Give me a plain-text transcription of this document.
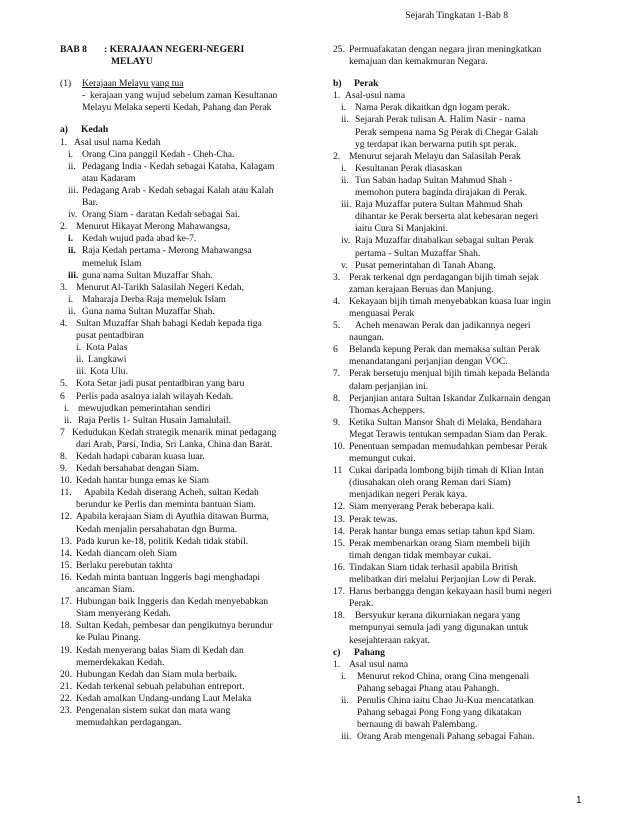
Sejarah Tingkatan 1-Bab 8
BAB 8	: KERAJAAN NEGERI-NEGERI
MELAYU
(1)	Kerajaan Melayu yang tua
- kerajaan yang wujud sebelum zaman Kesultanan
Melayu Melaka seperti Kedah, Pahang dan Perak
a)	Kedah
1. Asal usul nama Kedah
i. Orang Cina panggil Kedah - Cheh-Cha.
ii. Pedagang India - Kedah sebagai Kataha, Kalagam
atau Kadaram
iii. Pedagang Arab - Kedah sebagai Kalah atau Kalah
Bar.
iv. Orang Siam - daratan Kedah sebagai Sai.
2. Menurut Hikayat Merong Mahawangsa,
i. Kedah wujud pada abad ke-7.
ii. Raja Kedah pertama - Merong Mahawangsa
memeluk Islam
iii. guna nama Sultan Muzaffar Shah.
3. Menurut Al-Tarikh Salasilah Negeri Kedah,
i. Maharaja Derba Raja memeluk Islam
ii. Guna nama Sultan Muzaffar Shah.
4. Sultan Muzaffar Shah bahagi Kedah kepada tiga
pusat pentadbiran
i. Kota Palas
ii. Langkawi
iii. Kota Ulu.
5. Kota Setar jadi pusat pentadbiran yang baru
6	Perlis pada asalnya ialah wilayah Kedah.
i. mewujudkan pemerintahan sendiri
ii. Raja Perlis 1- Sultan Husain Jamalulail.
7 Kedudukan Kedah strategik menarik minat pedagang
dari Arab, Parsi, India, Sri Lanka, China dan Barat.
8. Kedah hadapi cabaran kuasa luar.
9. Kedah bersahabat dengan Siam.
10. Kedah hantar bunga emas ke Siam
11.	Apabila Kedah diserang Acheh, sultan Kedah
berundur ke Perlis dan meminta bantuan Siam.
12. Apabila kerajaan Siam di Ayuthia ditawan Burma,
Kedah menjalin persahabatan dgn Burma.
13. Pada kurun ke-18, politik Kedah tidak stabil.
14. Kedah diancam oleh Siam
15. Berlaku perebutan takhta
16. Kedah minta bantuan Inggeris bagi menghadapi
ancaman Siam.
17. Hubungan baik Inggeris dan Kedah menyebabkan
Siam menyerang Kedah.
18. Sultan Kedah, pembesar dan pengikutnya berundur
ke Pulau Pinang.
19. Kedah menyerang balas Siam di Kedah dan
memerdekakan Kedah.
20. Hubungan Kedah dan Siam mula berbaik.
21. Kedah terkenal sebuah pelabuhan entreport.
22. Kedah amalkan Undang-undang Laut Melaka
23. Pengenalan sistem sukat dan mata wang
memudahkan perdagangan.
25. Permuafakatan dengan negara jiran meningkatkan
kemajuan dan kemakmuran Negara.
b)	Perak
1. Asal-usul nama
i. Nama Perak dikaitkan dgn logam perak.
ii. Sejarah Perak tulisan A. Halim Nasir - nama
Perak sempena nama Sg Perak di Chegar Galah
yg terdapat ikan berwarna putih spt perak.
2. Menurut sejarah Melayu dan Salasilah Perak
i. Kesultanan Perak diasaskan
ii. Tun Saban hadap Sultan Mahmud Shah -
memohon putera baginda dirajakan di Perak.
iii. Raja Muzaffar putera Sultan Mahmud Shah
dihantar ke Perak berserta alat kebesaran negeri
iaitu Cura Si Manjakini.
iv. Raja Muzaffar ditabalkan sebagai sultan Perak
pertama - Sultan Muzaffar Shah.
v. Pusat pemerintahan di Tanah Abang.
3. Perak terkenal dgn perdagangan bijih timah sejak
zaman kerajaan Beruas dan Manjung.
4. Kekayaan bijih timah menyebabkan kuasa luar ingin
menguasai Perak
5.	Acheh menawan Perak dan jadikannya negeri
naungan.
6	Belanda kepung Perak dan memaksa sultan Perak
menandatangani perjanjian dengan VOC.
7. Perak bersetuju menjual bijih timah kepada Belanda
dalam perjanjian ini.
8. Perjanjian antara Sultan Iskandar Zulkarnain dengan
Thomas Acheppers.
9. Ketika Sultan Mansor Shah di Melaka, Bendahara
Megat Terawis tentukan sempadan Siam dan Perak.
10. Penentuan sempadan memudahkan pembesar Perak
memungut cukai.
11 Cukai daripada lombong bijih timah di Klian Intan
(diusahakan oleh orang Reman dari Siam)
menjadikan negeri Perak kaya.
12. Siam menyerang Perak beberapa kali.
13. Perak tewas.
14. Perak hantar bunga emas setiap tahun kpd Siam.
15. Perak membenarkan orang Siam membeli bijih
timah dengan tidak membayar cukai.
16. Tindakan Siam tidak terhasil apabila British
melibatkan diri melalui Perjanjian Low di Perak.
17. Harus berbangga dengan kekayaan hasil bumi negeri
Perak.
18.	Bersyukur kerana dikurniakan negara yang
mempunyai semula jadi yang digunakan untuk
kesejahteraan rakyat.
c)	Pahang
1. Asal usul nama
i.	Menurut rekod China, orang Cina mengenali
Pahang sebagai Phang atau Pahangh.
ii. Penulis China iaitu Chao Ju-Kua mencatatkan
Pahang sebagai Pong Fong yang dikatakan
bernaung di bawah Palembang.
iii. Orang Arab mengenali Pahang sebagai Fahan.
1
